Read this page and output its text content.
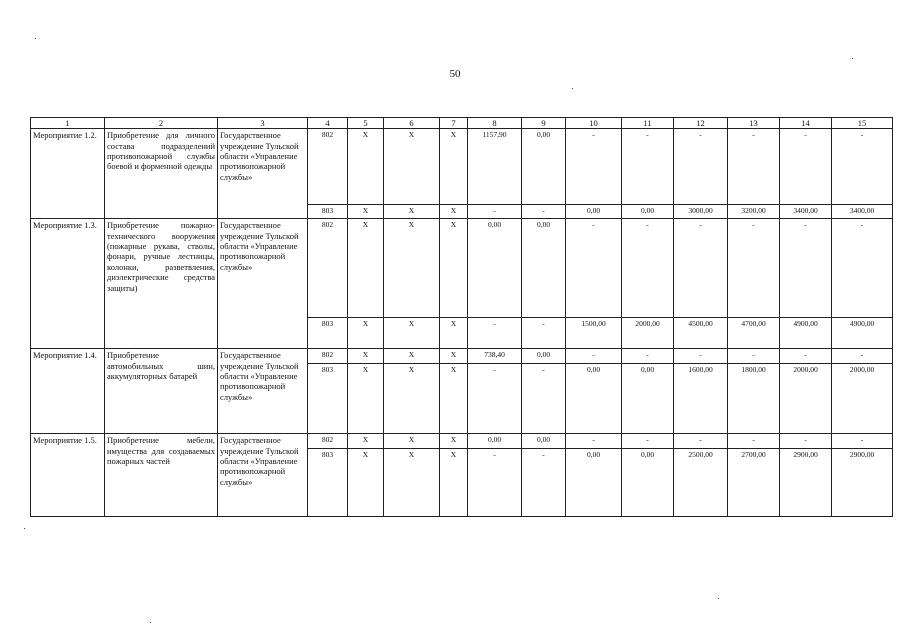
50
1	2	3	4	5	6	7	8	9	10	11	12	13	14	15
Мероприятие 1.2.	Приобретение для личного состава подразделений противопожарной службы боевой и форменной одежды	Государственное учреждение Тульской области «Управление противопожарной службы»	802	X	X	X	1157,90	0,00	-	-	-	-	-	-
			803	X	X	X	-	-	0,00	0,00	3000,00	3200,00	3400,00	3400,00
Мероприятие 1.3.	Приобретение пожарно-технического вооружения (пожарные рукава, стволы, фонари, ручные лестницы, колонки, разветвления, диэлектрические средства защиты)	Государственное учреждение Тульской области «Управление противопожарной службы»	802	X	X	X	0,00	0,00	-	-	-	-	-	-
			803	X	X	X	-	-	1500,00	2000,00	4500,00	4700,00	4900,00	4900,00
Мероприятие 1.4.	Приобретение автомобильных шин, аккумуляторных батарей	Государственное учреждение Тульской области «Управление противопожарной службы»	802	X	X	X	738,40	0,00	-	-	-	-	-	-
			803	X	X	X	-	-	0,00	0,00	1600,00	1800,00	2000,00	2000,00
Мероприятие 1.5.	Приобретение мебели, имущества для создаваемых пожарных частей	Государственное учреждение Тульской области «Управление противопожарной службы»	802	X	X	X	0,00	0,00	-	-	-	-	-	-
			803	X	X	X	-	-	0,00	0,00	2500,00	2700,00	2900,00	2900,00
